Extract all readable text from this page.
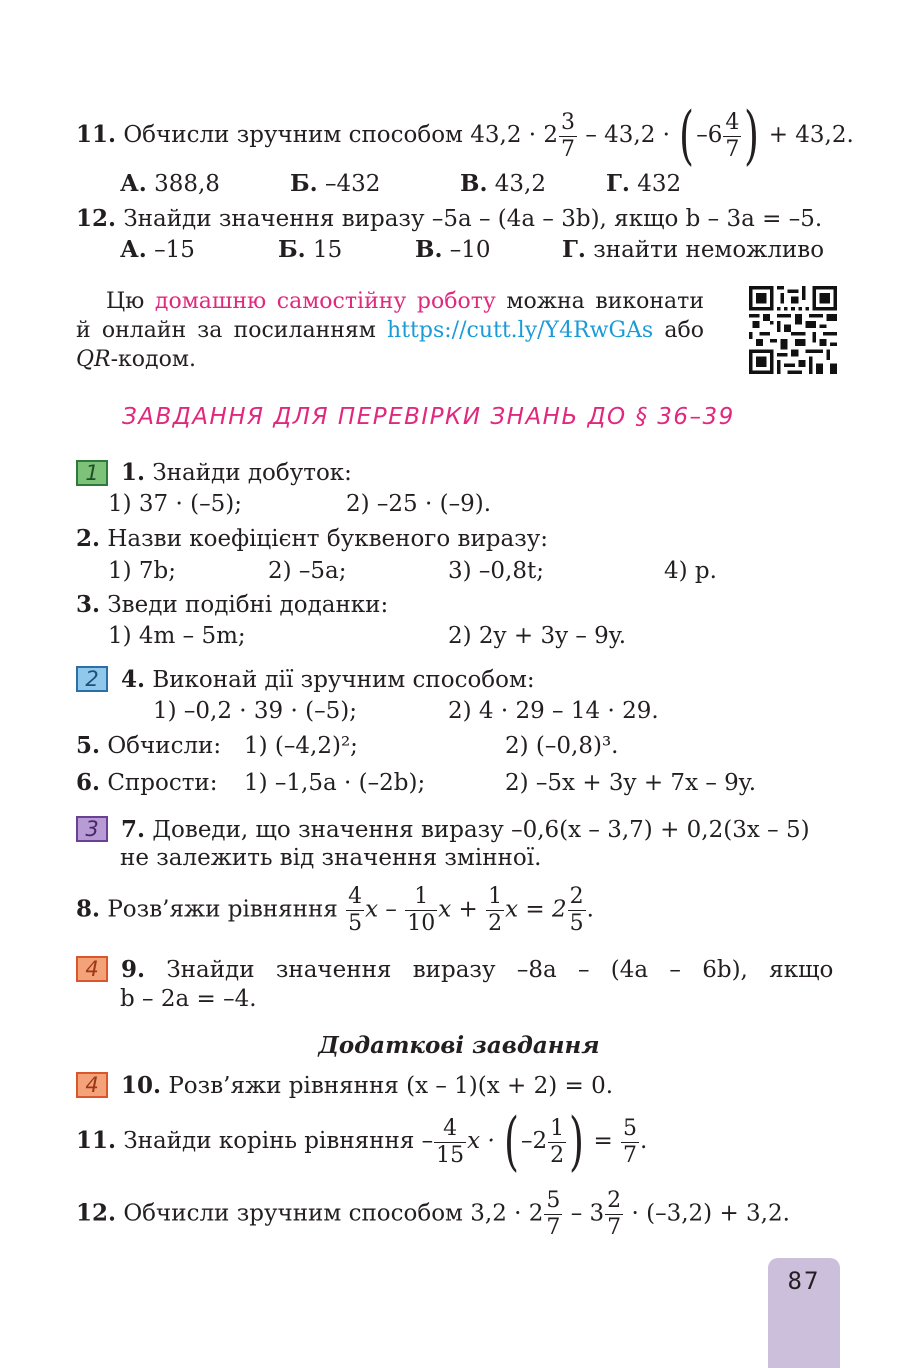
11. Обчисли зручним способом $43,2 \cdot 2 \frac{3}{7} - 43,2 \cdot (-6 \frac{4}{7}$ ) + 43,2.
А. 388,8	Б. –432	В. 43,2	Г. 432
12. Знайди значення виразу –5a – (4a – 3b), якщо b – 3a = –5.
А. –15	Б. 15	В. –10	Г. знайти неможливо
Цю домашню самостійну роботу можна виконати й онлайн за посиланням https://cutt.ly/Y4RwGAs або QR-кодом.
ЗАВДАННЯ ДЛЯ ПЕРЕВІРКИ ЗНАНЬ ДО § 36–39
1
2
3
4
4
1. Знайди добуток:
1) 37 · (–5);	2) –25 · (–9).
2. Назви коефіцієнт буквеного виразу:
1) 7b;	2) –5a;	3) –0,8t;	4) p.
3. Зведи подібні доданки:
1) 4m – 5m;	2) 2y + 3y – 9y.
4. Виконай дії зручним способом:
1) –0,2 · 39 · (–5);	2) 4 · 29 – 14 · 29.
5. Обчисли: 1) (–4,2)²;	2) (–0,8)³.
6. Спрости: 1) –1,5a · (–2b);	2) –5x + 3y + 7x – 9y.
7. Доведи, що значення виразу –0,6(x – 3,7) + 0,2(3x – 5)
не залежить від значення змінної.
8. Розв’яжи рівняння $\frac{4}{5}$ x – $\frac{1}{10}$ $x + \frac{1}{2}$ $x = 2 \frac{2}{5}$ .
9. Знайди значення виразу –8a – (4a – 6b), якщо
b – 2a = –4.
Додаткові завдання
10. Розв’яжи рівняння (x – 1)(x + 2) = 0.
11. Знайди корінь рівняння – $\frac{4}{15}$ $x \cdot (-2 \frac{1}{2}$ ) = $\frac{5}{7}$ .
12. Обчисли зручним способом $3,2 \cdot 2 \frac{5}{7} - 3 \frac{2}{7} \cdot (-3,2) + 3,2$.
87
